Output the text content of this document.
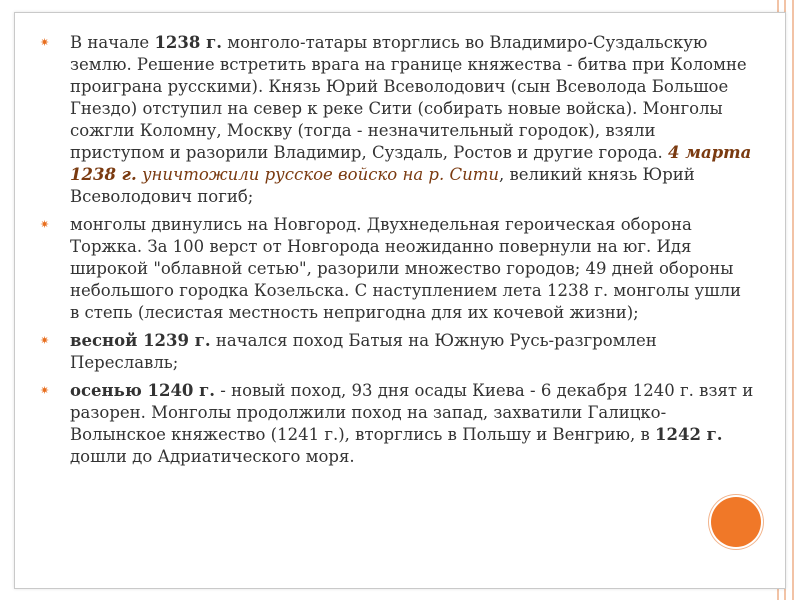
✷ В начале 1238 г. монголо-татары вторглись во Владимиро-Суздальскую землю. Решение встретить врага на границе княжества - битва при Коломне проиграна русскими). Князь Юрий Всеволодович (сын Всеволода Большое Гнездо) отступил на север к реке Сити (собирать новые войска). Монголы сожгли Коломну, Москву (тогда - незначительный городок), взяли приступом и разорили Владимир, Суздаль, Ростов и другие города. 4 марта 1238 г. уничтожили русское войско на р. Сити, великий князь Юрий Всеволодович погиб;
✷ монголы двинулись на Новгород. Двухнедельная героическая оборона Торжка. За 100 верст от Новгорода неожиданно повернули на юг. Идя широкой "облавной сетью", разорили множество городов; 49 дней обороны небольшого городка Козельска. С наступлением лета 1238 г. монголы ушли в степь (лесистая местность непригодна для их кочевой жизни);
✷ весной 1239 г. начался поход Батыя на Южную Русь-разгромлен Переславль;
✷ осенью 1240 г. - новый поход, 93 дня осады Киева - 6 декабря 1240 г. взят и разорен. Монголы продолжили поход на запад, захватили Галицко-Волынское княжество (1241 г.), вторглись в Польшу и Венгрию, в 1242 г. дошли до Адриатического моря.
